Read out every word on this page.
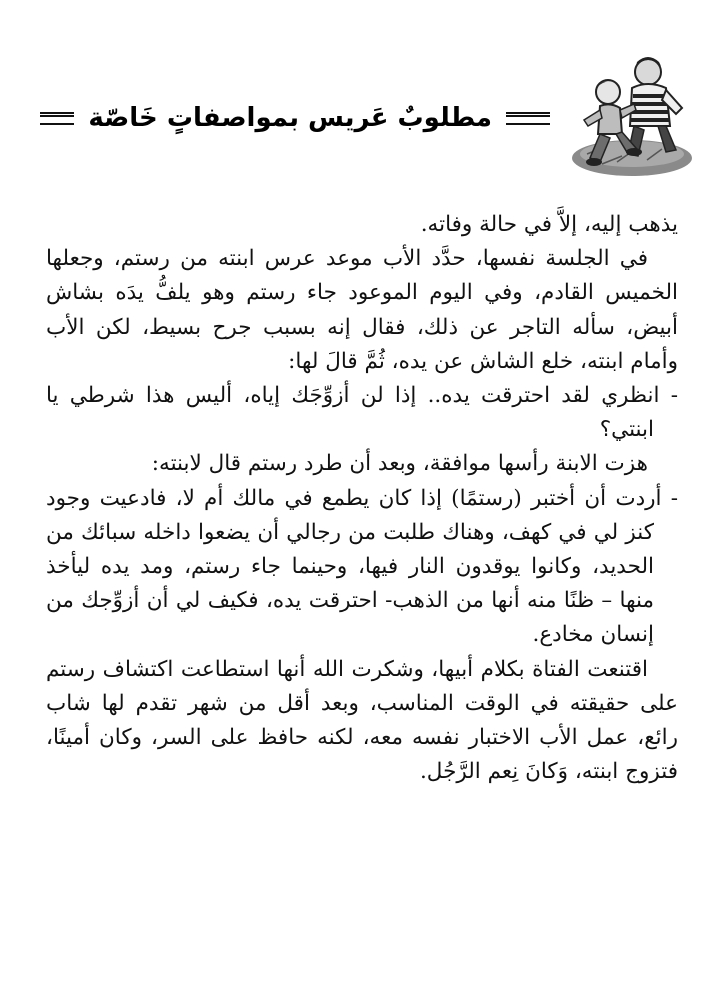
مطلوبٌ عَريس بمواصفاتٍ خَاصّة

يذهب إليه، إلاَّ في حالة وفاته.

في الجلسة نفسها، حدَّد الأب موعد عرس ابنته من رستم، وجعلها الخميس القادم، وفي اليوم الموعود جاء رستم وهو يلفُّ يدَه بشاش أبيض، سأله التاجر عن ذلك، فقال إنه بسبب جرح بسيط، لكن الأب وأمام ابنته، خلع الشاش عن يده، ثُمَّ قالَ لها:

- انظري لقد احترقت يده.. إذا لن أزوِّجَك إياه، أليس هذا شرطي يا ابنتي؟

هزت الابنة رأسها موافقة، وبعد أن طرد رستم قال لابنته:

- أردت أن أختبر (رستمًا) إذا كان يطمع في مالك أم لا، فادعيت وجود كنز لي في كهف، وهناك طلبت من رجالي أن يضعوا داخله سبائك من الحديد، وكانوا يوقدون النار فيها، وحينما جاء رستم، ومد يده ليأخذ منها – ظنًا منه أنها من الذهب- احترقت يده، فكيف لي أن أزوِّجك من إنسان مخادع.

اقتنعت الفتاة بكلام أبيها، وشكرت الله أنها استطاعت اكتشاف رستم على حقيقته في الوقت المناسب، وبعد أقل من شهر تقدم لها شاب رائع، عمل الأب الاختبار نفسه معه، لكنه حافظ على السر، وكان أمينًا، فتزوج ابنته، وَكانَ نِعم الرَّجُل.
